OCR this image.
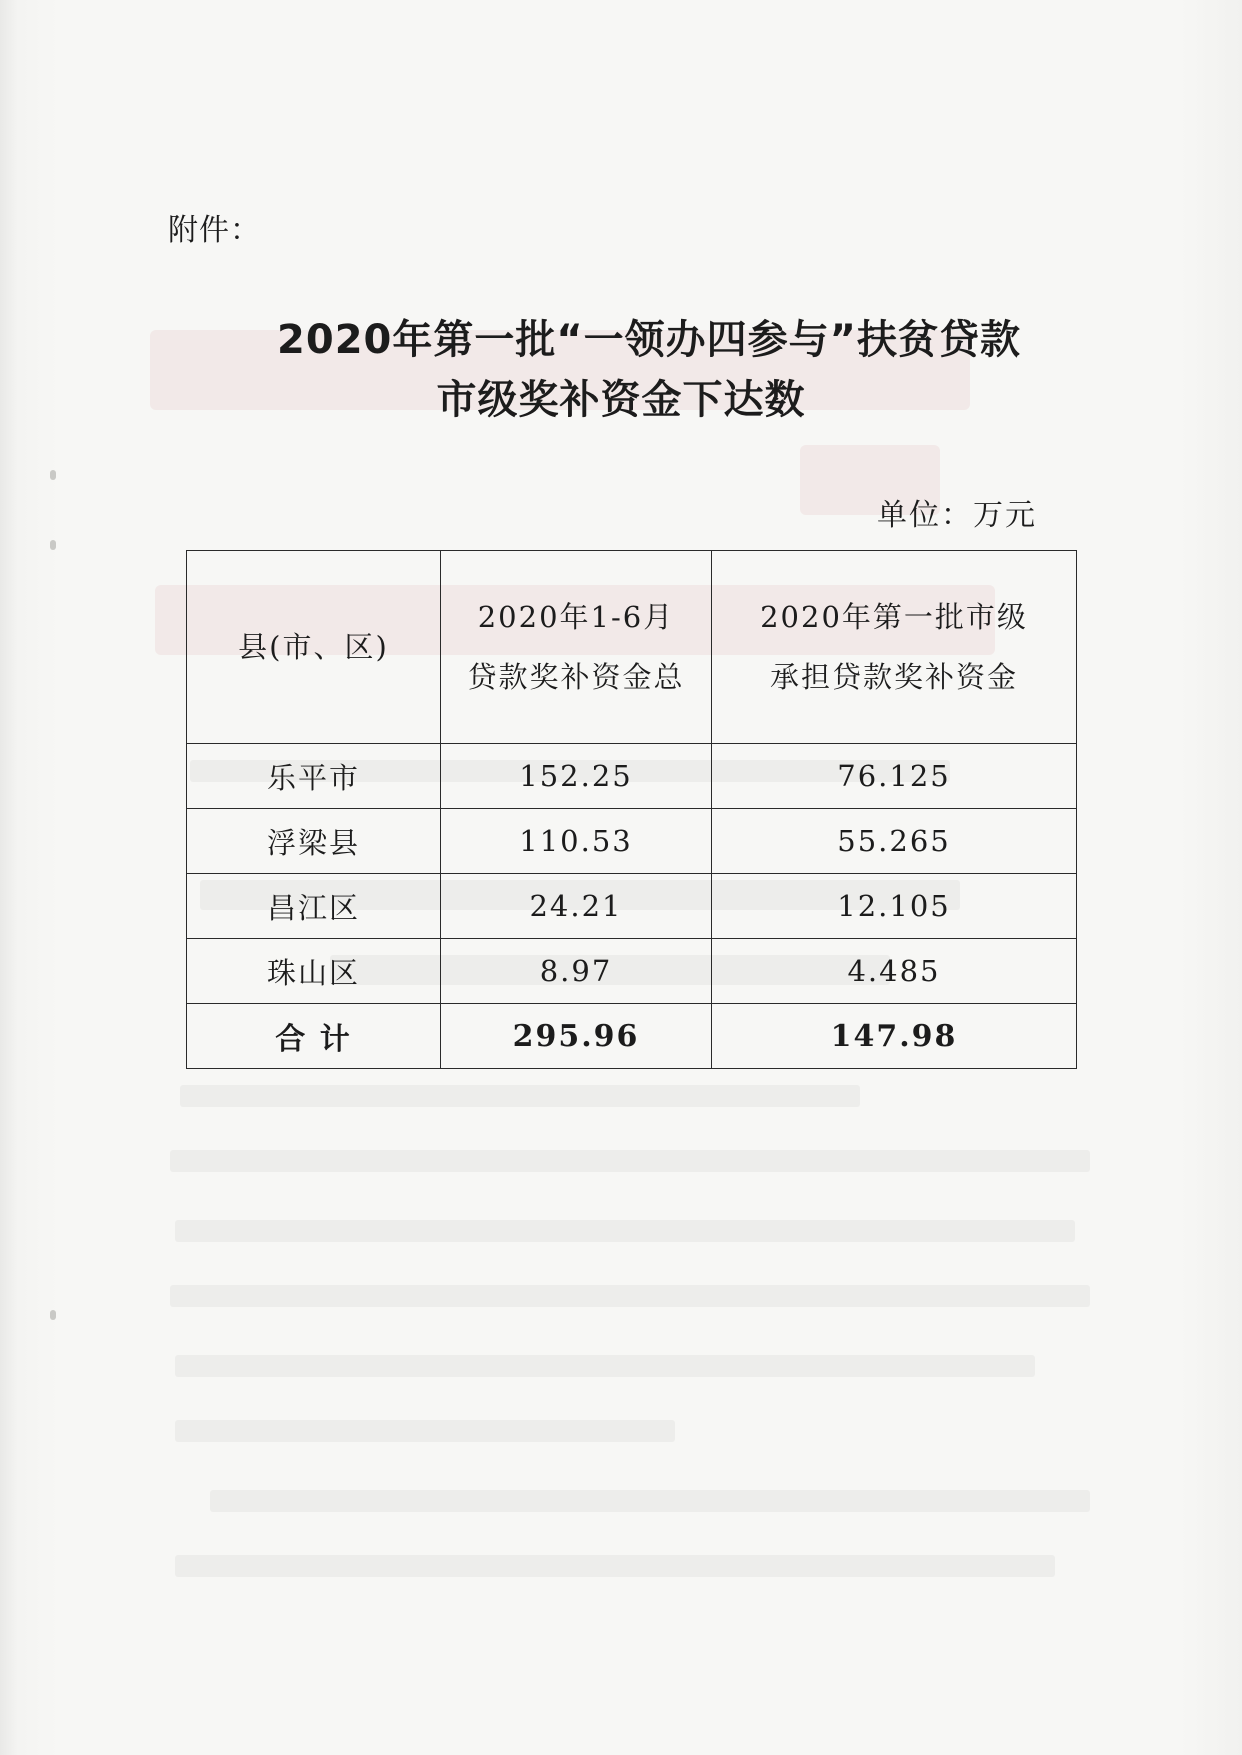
附件：
2020年第一批“一领办四参与”扶贫贷款
市级奖补资金下达数
单位：万元
县(市、区)	2020年1-6月贷款奖补资金总	2020年第一批市级承担贷款奖补资金
乐平市	152.25	76.125
浮梁县	110.53	55.265
昌江区	24.21	12.105
珠山区	8.97	4.485
合 计	295.96	147.98
